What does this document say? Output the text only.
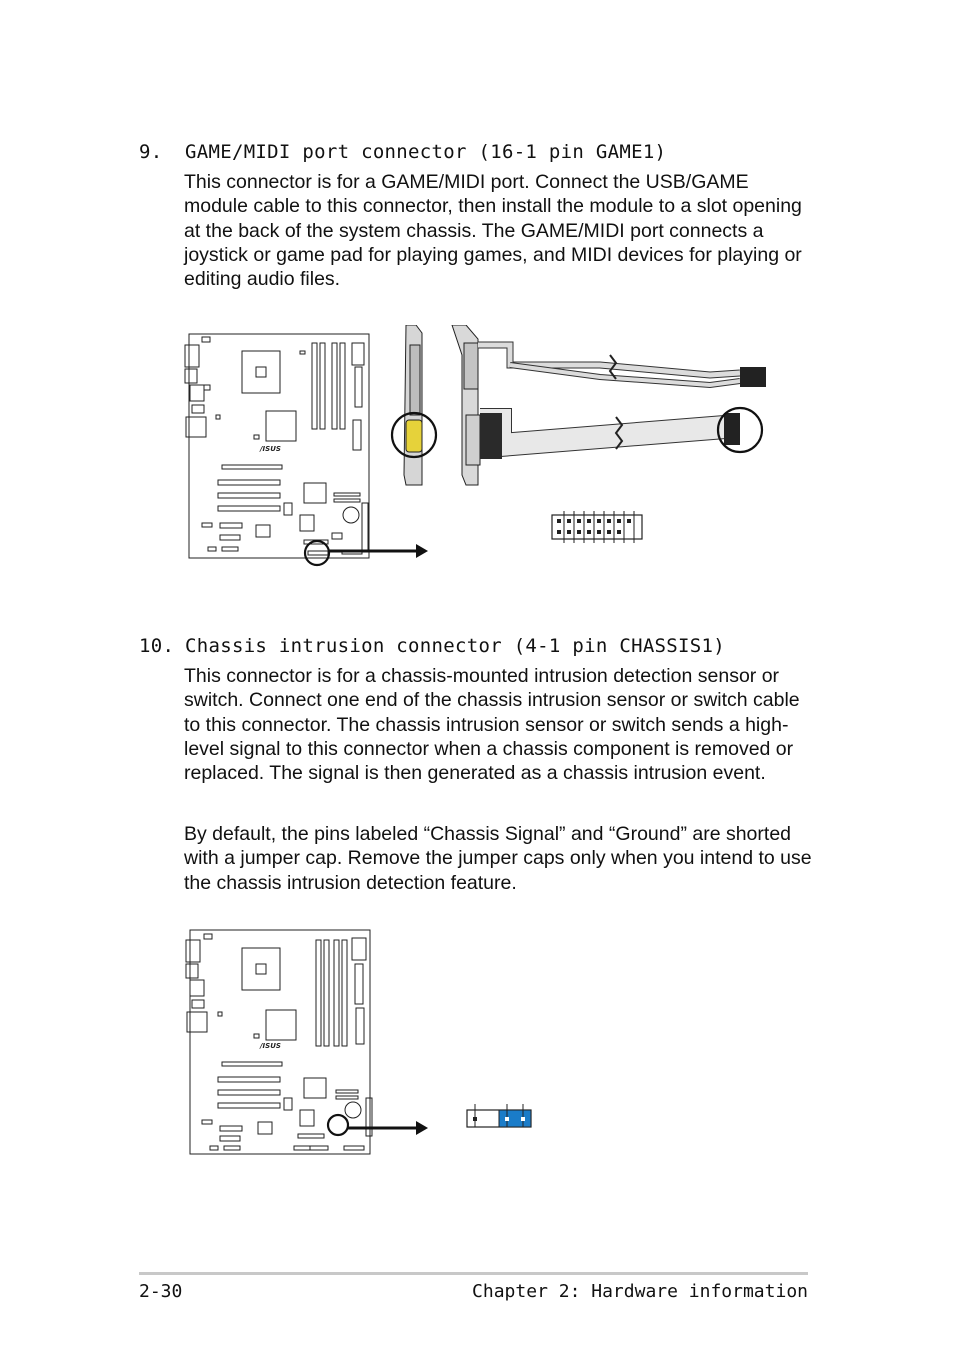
9. GAME/MIDI port connector (16-1 pin GAME1)

This connector is for a GAME/MIDI port. Connect the USB/GAME module cable to this connector, then install the module to a slot opening at the back of the system chassis. The GAME/MIDI port connects a joystick or game pad for playing games, and MIDI devices for playing or editing audio files.

/ISUS
10. Chassis intrusion connector (4-1 pin CHASSIS1)

This connector is for a chassis-mounted intrusion detection sensor or switch. Connect one end of the chassis intrusion sensor or switch cable to this connector. The chassis intrusion sensor or switch sends a high-level signal to this connector when a chassis component is removed or replaced. The signal is then generated as a chassis intrusion event.

By default, the pins labeled “Chassis Signal” and “Ground” are shorted with a jumper cap. Remove the jumper caps only when you intend to use the chassis intrusion detection feature.

/ISUS
2-30	Chapter 2: Hardware information
